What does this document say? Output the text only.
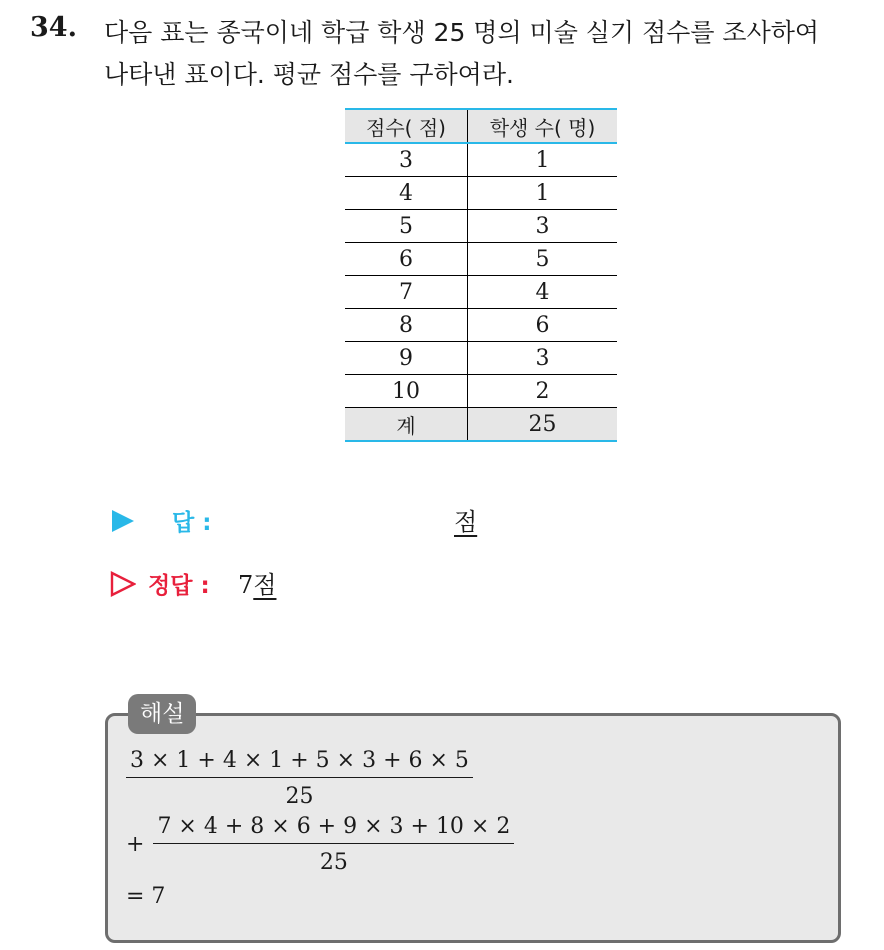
34. 다음 표는 종국이네 학급 학생 25 명의 미술 실기 점수를 조사하여
나타낸 표이다. 평균 점수를 구하여라.
점수( 점)	학생 수( 명)
3	1
4	1
5	3
6	5
7	4
8	6
9	3
10	2
계	25
답 :	점
정답 : 7점
해설
$\frac{3 \times 1 + 4 \times 1 + 5 \times 3 + 6 \times 5}{25}$
+ $\frac{7 \times 4 + 8 \times 6 + 9 \times 3 + 10 \times 2}{25}$
= 7
